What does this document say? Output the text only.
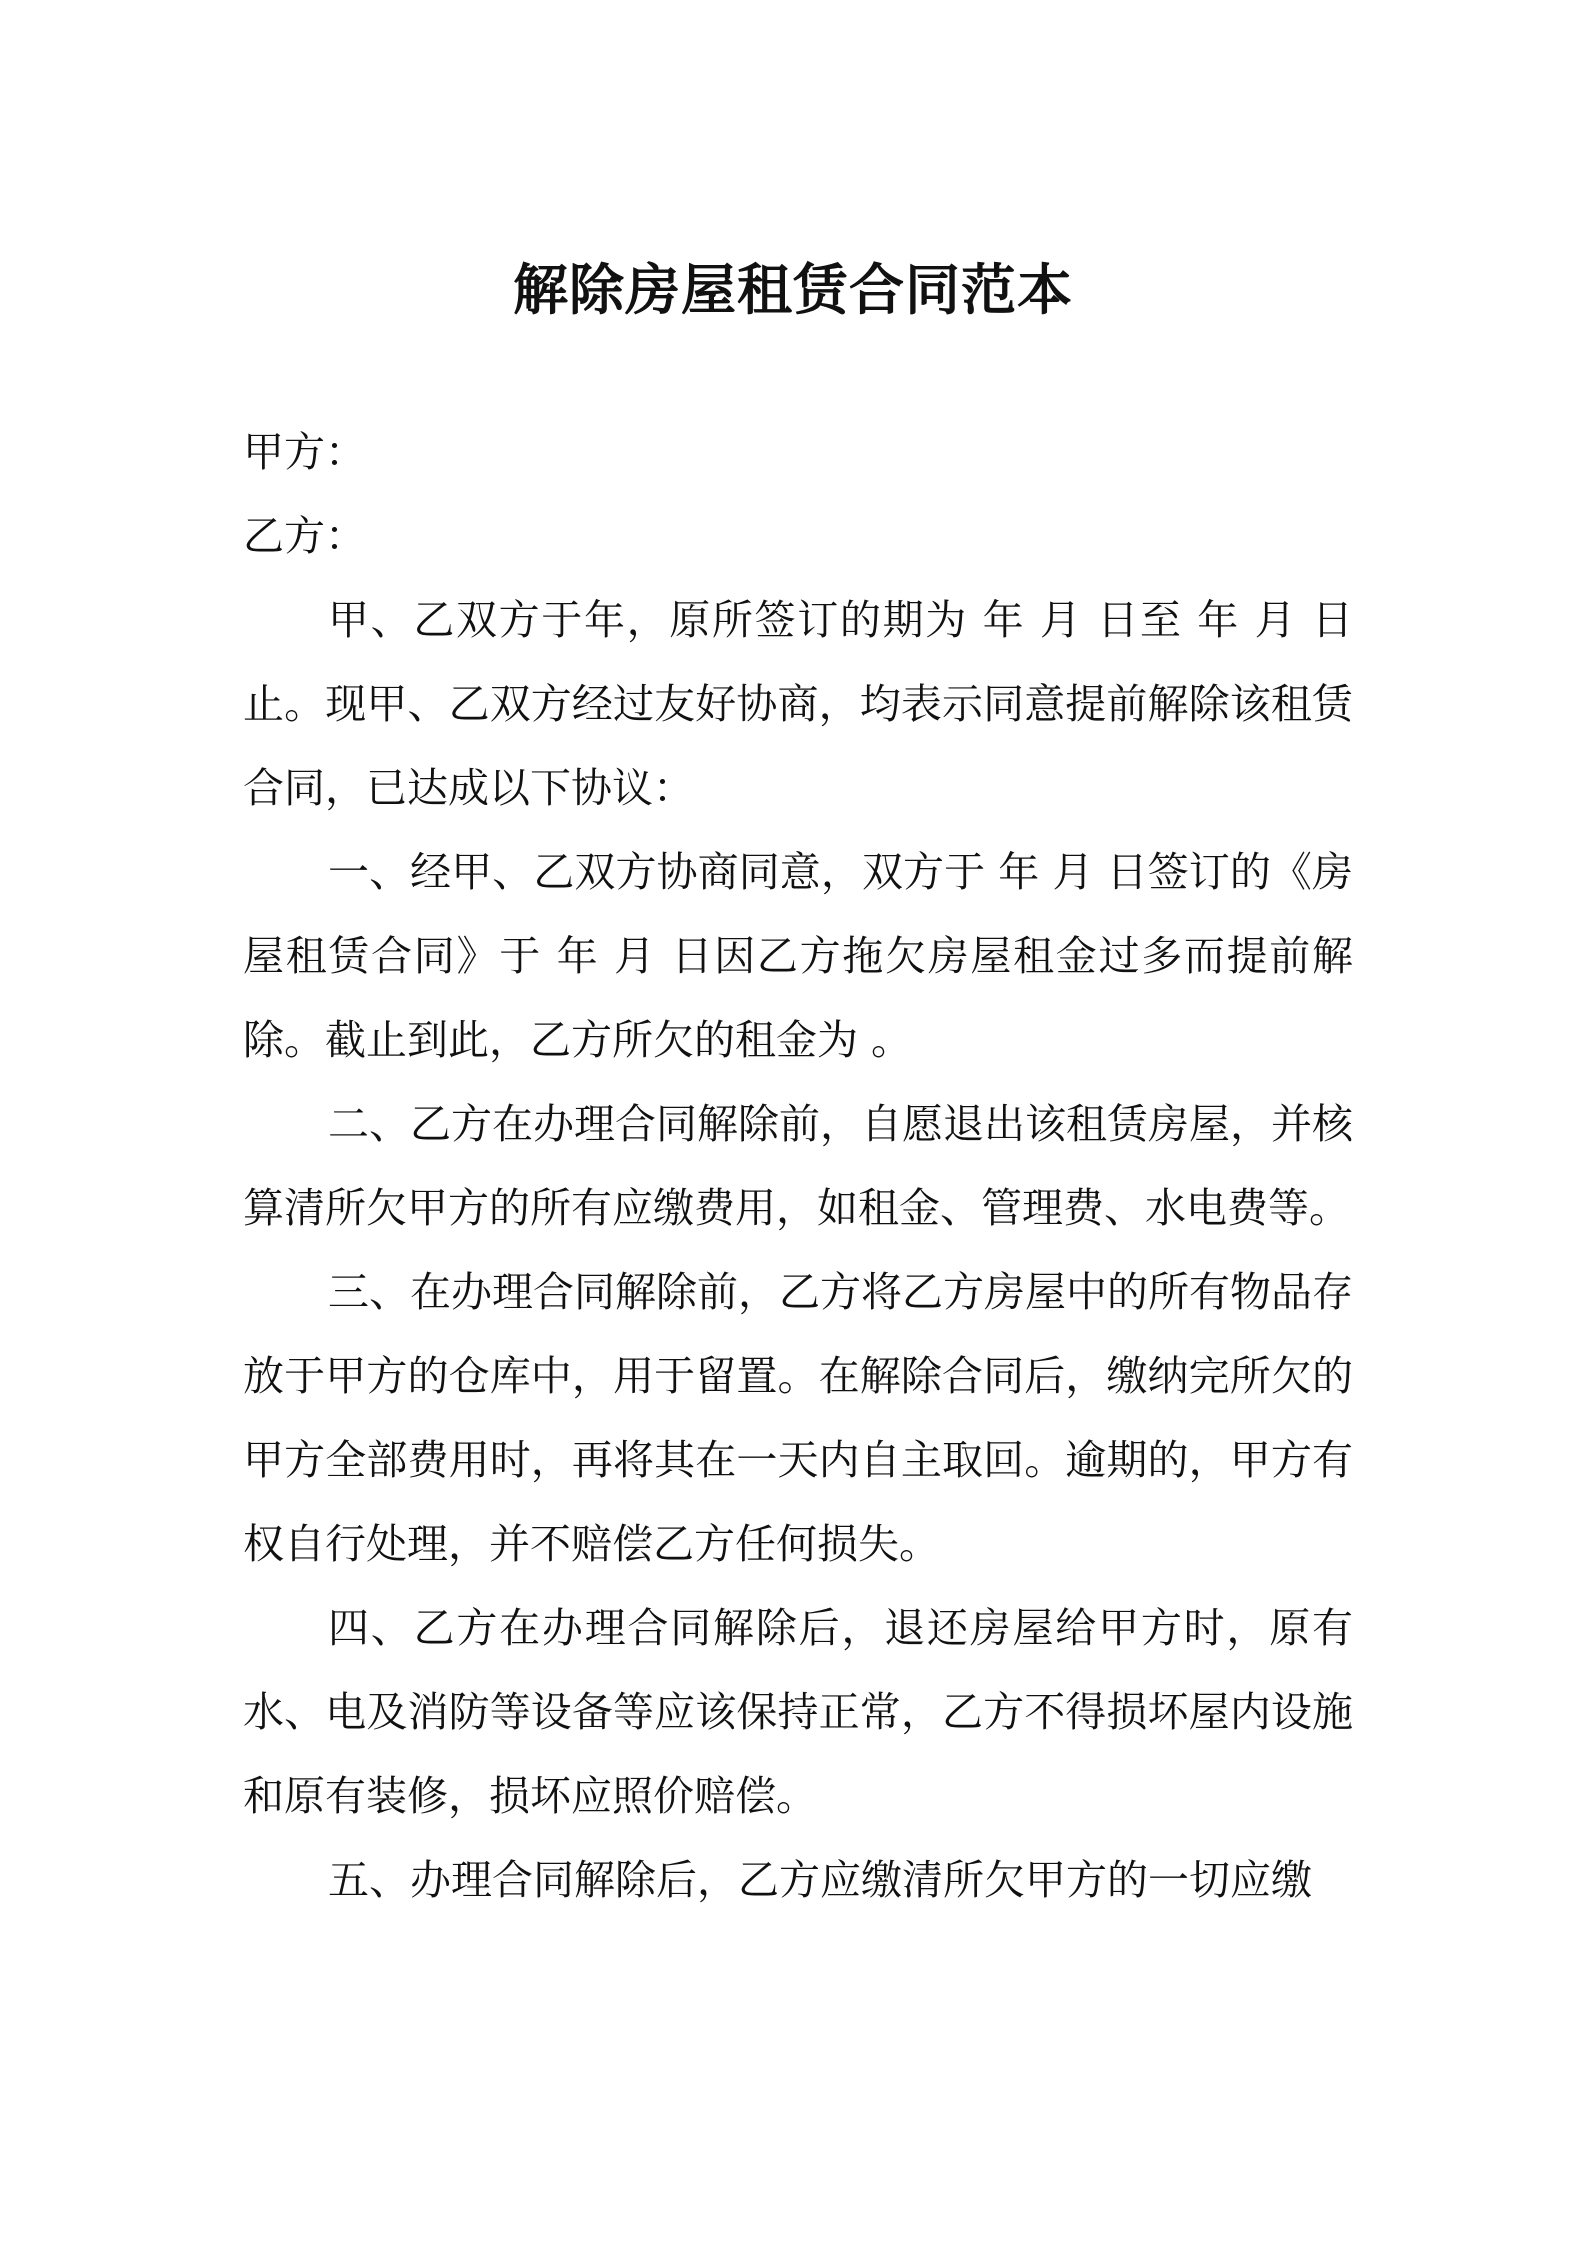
解除房屋租赁合同范本

甲方：

乙方：

甲、乙双方于年，原所签订的期为 年 月 日至 年 月 日止。现甲、乙双方经过友好协商，均表示同意提前解除该租赁合同，已达成以下协议：

一、经甲、乙双方协商同意，双方于 年 月 日签订的《房屋租赁合同》于 年 月 日因乙方拖欠房屋租金过多而提前解除。截止到此，乙方所欠的租金为 。

二、乙方在办理合同解除前，自愿退出该租赁房屋，并核算清所欠甲方的所有应缴费用，如租金、管理费、水电费等。

三、在办理合同解除前，乙方将乙方房屋中的所有物品存放于甲方的仓库中，用于留置。在解除合同后，缴纳完所欠的甲方全部费用时，再将其在一天内自主取回。逾期的，甲方有权自行处理，并不赔偿乙方任何损失。

四、乙方在办理合同解除后，退还房屋给甲方时，原有水、电及消防等设备等应该保持正常，乙方不得损坏屋内设施和原有装修，损坏应照价赔偿。

五、办理合同解除后，乙方应缴清所欠甲方的一切应缴
